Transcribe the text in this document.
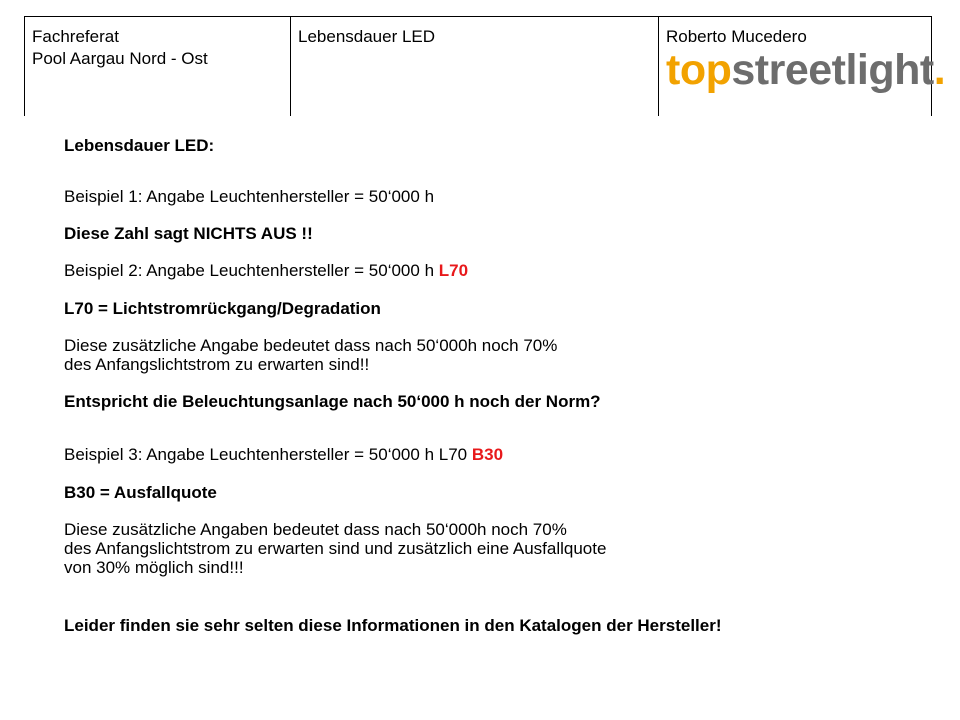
Fachreferat
Pool Aargau Nord - Ost
Lebensdauer LED	Roberto Mucedero
topstreetlight.
Lebensdauer LED:
Beispiel 1: Angabe Leuchtenhersteller = 50‘000 h
Diese Zahl sagt NICHTS AUS !!
Beispiel 2: Angabe Leuchtenhersteller = 50‘000 h L70
L70 = Lichtstromrückgang/Degradation
Diese zusätzliche Angabe bedeutet dass nach 50‘000h noch 70%
des Anfangslichtstrom zu erwarten sind!!
Entspricht die Beleuchtungsanlage nach 50‘000 h noch der Norm?
Beispiel 3: Angabe Leuchtenhersteller = 50‘000 h L70 B30
B30 = Ausfallquote
Diese zusätzliche Angaben bedeutet dass nach 50‘000h noch 70%
des Anfangslichtstrom zu erwarten sind und zusätzlich eine Ausfallquote
von 30% möglich sind!!!
Leider finden sie sehr selten diese Informationen in den Katalogen der Hersteller!
